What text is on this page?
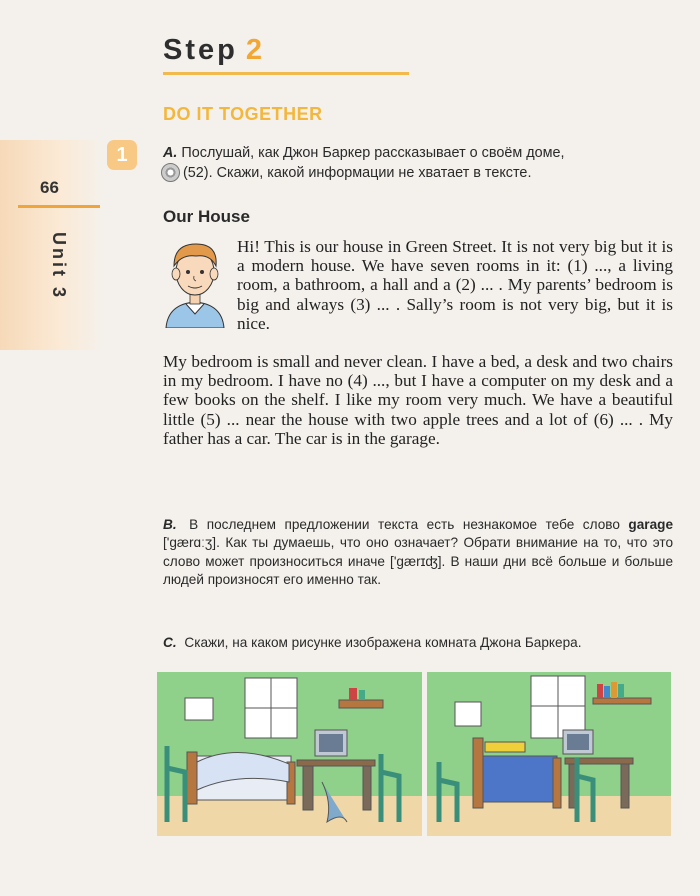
66
Unit 3
Step 2
DO IT TOGETHER
1	A. Послушай, как Джон Баркер рассказывает о своём доме,
(52). Скажи, какой информации не хватает в тексте.
Our House
Hi! This is our house in Green Street. It is not very big but it is a modern house. We have seven rooms in it: (1) ..., a living room, a bathroom, a hall and a (2) ... . My parents’ bedroom is big and always (3) ... . Sally’s room is not very big, but it is nice.
My bedroom is small and never clean. I have a bed, a desk and two chairs in my bedroom. I have no (4) ..., but I have a computer on my desk and a few books on the shelf. I like my room very much. We have a beautiful little (5) ... near the house with two apple trees and a lot of (6) ... . My father has a car. The car is in the garage.
B. В последнем предложении текста есть незнакомое тебе слово garage ['gærɑːʒ]. Как ты думаешь, что оно означает? Обрати внимание на то, что это слово может произноситься иначе ['gærɪʤ]. В наши дни всё больше и больше людей произносят его именно так.
C. Скажи, на каком рисунке изображена комната Джона Баркера.
